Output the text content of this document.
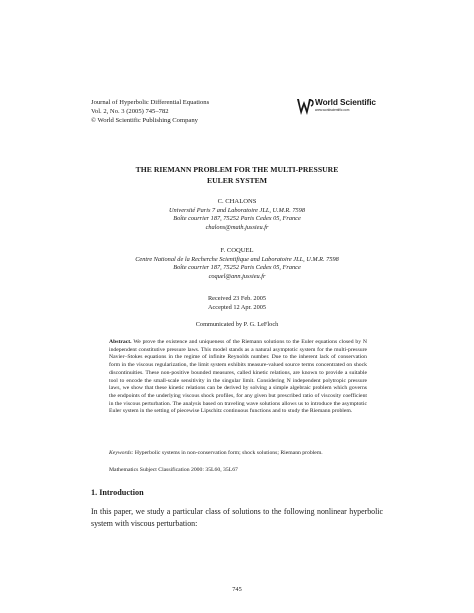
Journal of Hyperbolic Differential Equations
Vol. 2, No. 3 (2005) 745–782
© World Scientific Publishing Company
World Scientific
www.worldscientific.com
THE RIEMANN PROBLEM FOR THE MULTI-PRESSURE
EULER SYSTEM
C. CHALONS
Université Paris 7 and Laboratoire JLL, U.M.R. 7598
Boîte courrier 187, 75252 Paris Cedex 05, France
chalons@math.jussieu.fr
F. COQUEL
Centre National de la Recherche Scientifique and Laboratoire JLL, U.M.R. 7598
Boîte courrier 187, 75252 Paris Cedex 05, France
coquel@ann.jussieu.fr
Received 23 Feb. 2005
Accepted 12 Apr. 2005
Communicated by P. G. LeFloch
Abstract. We prove the existence and uniqueness of the Riemann solutions to the Euler equations closed by N independent constitutive pressure laws. This model stands as a natural asymptotic system for the multi-pressure Navier–Stokes equations in the regime of infinite Reynolds number. Due to the inherent lack of conservation form in the viscous regularization, the limit system exhibits measure-valued source terms concentrated on shock discontinuities. These non-positive bounded measures, called kinetic relations, are known to provide a suitable tool to encode the small-scale sensitivity in the singular limit. Considering N independent polytropic pressure laws, we show that these kinetic relations can be derived by solving a simple algebraic problem which governs the endpoints of the underlying viscous shock profiles, for any given but prescribed ratio of viscosity coefficient in the viscous perturbation. The analysis based on traveling wave solutions allows us to introduce the asymptotic Euler system in the setting of piecewise Lipschitz continuous functions and to study the Riemann problem.
Keywords: Hyperbolic systems in non-conservation form; shock solutions; Riemann problem.
Mathematics Subject Classification 2000: 35L60, 35L67
1. Introduction
In this paper, we study a particular class of solutions to the following nonlinear hyperbolic system with viscous perturbation:
745
